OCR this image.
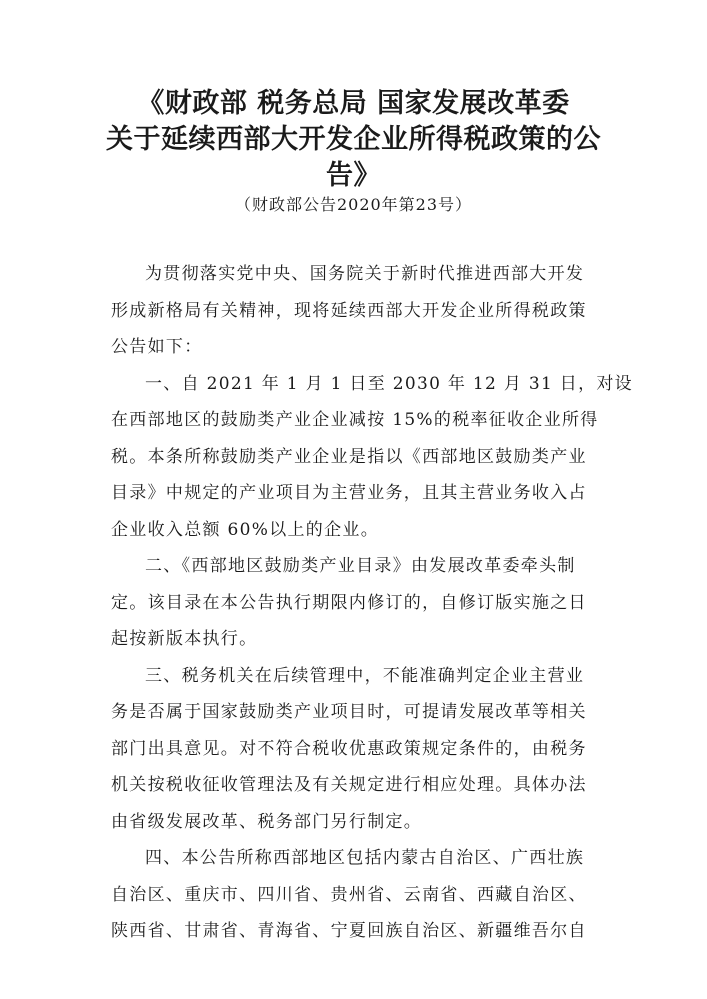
《财政部 税务总局 国家发展改革委
关于延续西部大开发企业所得税政策的公
告》
（财政部公告2020年第23号）

为贯彻落实党中央、国务院关于新时代推进西部大开发
形成新格局有关精神，现将延续西部大开发企业所得税政策
公告如下：

一、自 2021 年 1 月 1 日至 2030 年 12 月 31 日，对设
在西部地区的鼓励类产业企业减按 15%的税率征收企业所得
税。本条所称鼓励类产业企业是指以《西部地区鼓励类产业
目录》中规定的产业项目为主营业务，且其主营业务收入占
企业收入总额 60%以上的企业。

二、《西部地区鼓励类产业目录》由发展改革委牵头制
定。该目录在本公告执行期限内修订的，自修订版实施之日
起按新版本执行。

三、税务机关在后续管理中，不能准确判定企业主营业
务是否属于国家鼓励类产业项目时，可提请发展改革等相关
部门出具意见。对不符合税收优惠政策规定条件的，由税务
机关按税收征收管理法及有关规定进行相应处理。具体办法
由省级发展改革、税务部门另行制定。

四、本公告所称西部地区包括内蒙古自治区、广西壮族
自治区、重庆市、四川省、贵州省、云南省、西藏自治区、
陕西省、甘肃省、青海省、宁夏回族自治区、新疆维吾尔自
